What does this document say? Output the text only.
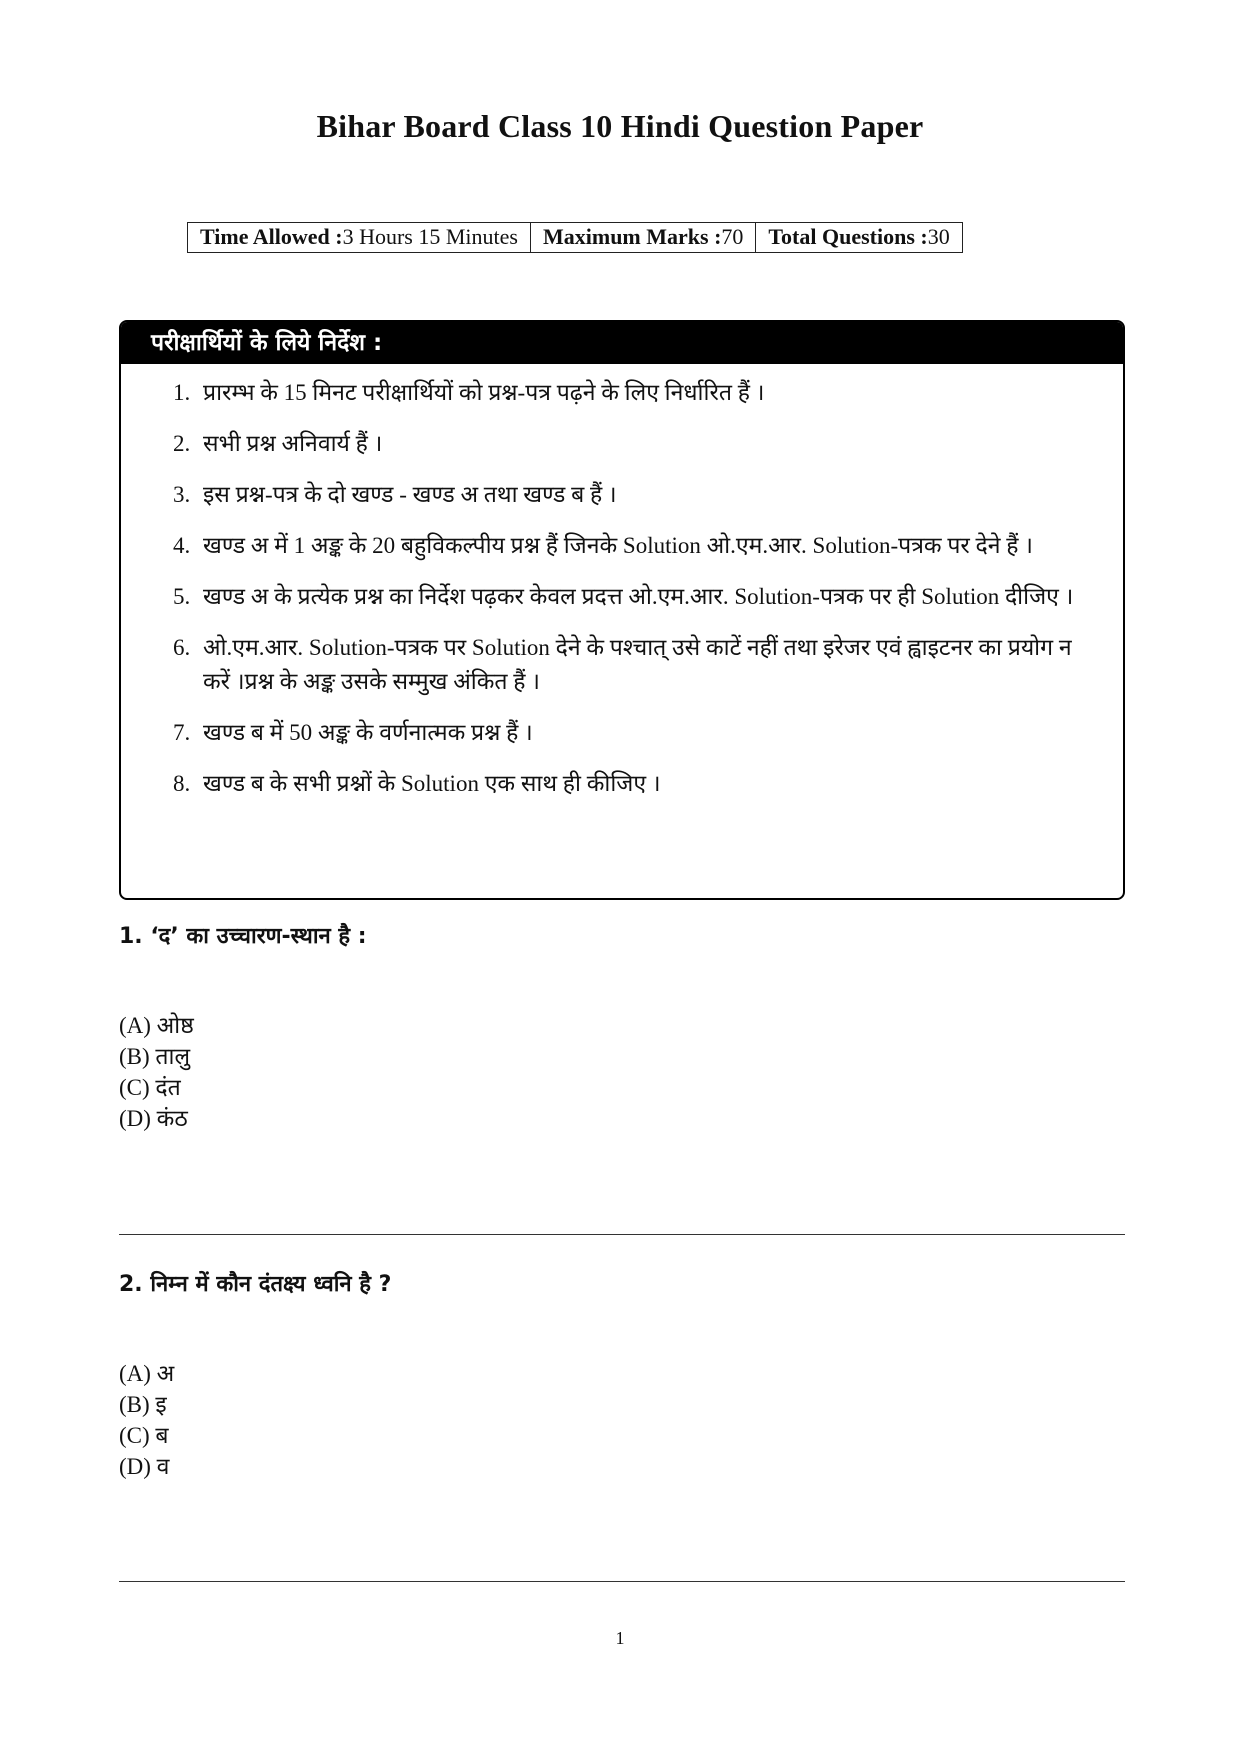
Bihar Board Class 10 Hindi Question Paper
Time Allowed :3 Hours 15 Minutes	Maximum Marks :70	Total Questions :30
परीक्षार्थियों के लिये निर्देश :
1. प्रारम्भ के 15 मिनट परीक्षार्थियों को प्रश्न-पत्र पढ़ने के लिए निर्धारित हैं ।
2. सभी प्रश्न अनिवार्य हैं ।
3. इस प्रश्न-पत्र के दो खण्ड - खण्ड अ तथा खण्ड ब हैं ।
4. खण्ड अ में 1 अङ्क के 20 बहुविकल्पीय प्रश्न हैं जिनके Solution ओ.एम.आर. Solution-पत्रक पर देने हैं ।
5. खण्ड अ के प्रत्येक प्रश्न का निर्देश पढ़कर केवल प्रदत्त ओ.एम.आर. Solution-पत्रक पर ही Solution दीजिए ।
6. ओ.एम.आर. Solution-पत्रक पर Solution देने के पश्चात् उसे काटें नहीं तथा इरेजर एवं ह्वाइटनर का प्रयोग न करें ।प्रश्न के अङ्क उसके सम्मुख अंकित हैं ।
7. खण्ड ब में 50 अङ्क के वर्णनात्मक प्रश्न हैं ।
8. खण्ड ब के सभी प्रश्नों के Solution एक साथ ही कीजिए ।
1. ‘द’ का उच्चारण-स्थान है :
(A) ओष्ठ
(B) तालु
(C) दंत
(D) कंठ
2. निम्न में कौन दंतक्ष्य ध्वनि है ?
(A) अ
(B) इ
(C) ब
(D) व
1
